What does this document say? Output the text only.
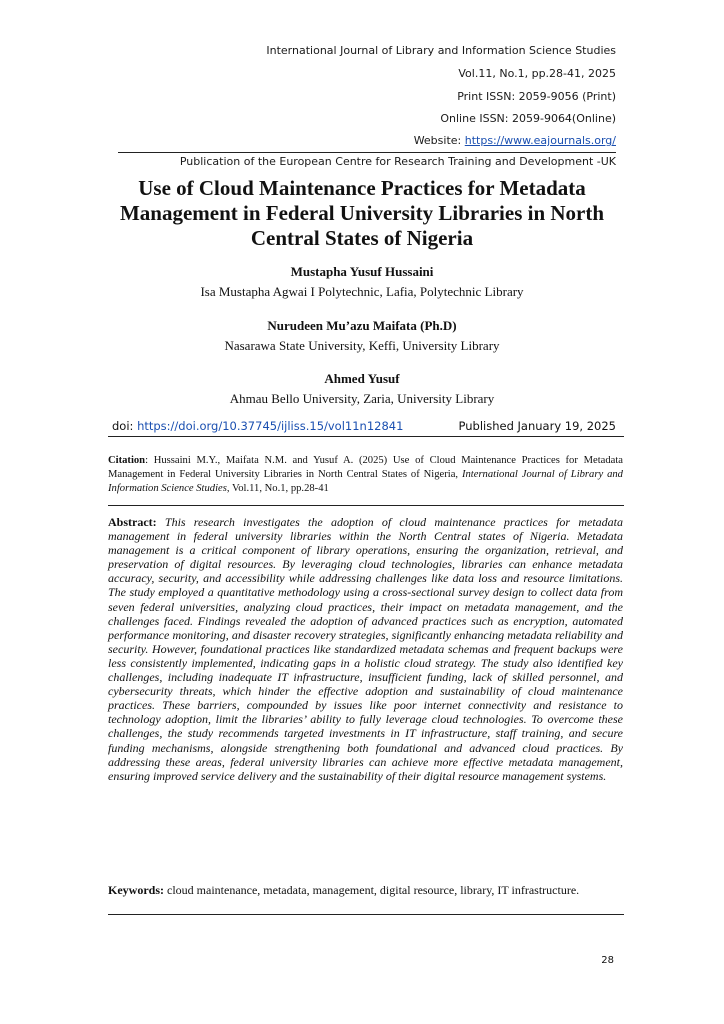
International Journal of Library and Information Science Studies
Vol.11, No.1, pp.28-41, 2025
Print ISSN: 2059-9056 (Print)
Online ISSN: 2059-9064(Online)
Website: https://www.eajournals.org/
Publication of the European Centre for Research Training and Development -UK
Use of Cloud Maintenance Practices for Metadata
Management in Federal University Libraries in North
Central States of Nigeria
Mustapha Yusuf Hussaini
Isa Mustapha Agwai I Polytechnic, Lafia, Polytechnic Library
Nurudeen Mu’azu Maifata (Ph.D)
Nasarawa State University, Keffi, University Library
Ahmed Yusuf
Ahmau Bello University, Zaria, University Library
doi: https://doi.org/10.37745/ijliss.15/vol11n12841	Published January 19, 2025
Citation: Hussaini M.Y., Maifata N.M. and Yusuf A. (2025) Use of Cloud Maintenance Practices for Metadata Management in Federal University Libraries in North Central States of Nigeria, International Journal of Library and Information Science Studies, Vol.11, No.1, pp.28-41
Abstract: This research investigates the adoption of cloud maintenance practices for metadata management in federal university libraries within the North Central states of Nigeria. Metadata management is a critical component of library operations, ensuring the organization, retrieval, and preservation of digital resources. By leveraging cloud technologies, libraries can enhance metadata accuracy, security, and accessibility while addressing challenges like data loss and resource limitations. The study employed a quantitative methodology using a cross-sectional survey design to collect data from seven federal universities, analyzing cloud practices, their impact on metadata management, and the challenges faced. Findings revealed the adoption of advanced practices such as encryption, automated performance monitoring, and disaster recovery strategies, significantly enhancing metadata reliability and security. However, foundational practices like standardized metadata schemas and frequent backups were less consistently implemented, indicating gaps in a holistic cloud strategy. The study also identified key challenges, including inadequate IT infrastructure, insufficient funding, lack of skilled personnel, and cybersecurity threats, which hinder the effective adoption and sustainability of cloud maintenance practices. These barriers, compounded by issues like poor internet connectivity and resistance to technology adoption, limit the libraries’ ability to fully leverage cloud technologies. To overcome these challenges, the study recommends targeted investments in IT infrastructure, staff training, and secure funding mechanisms, alongside strengthening both foundational and advanced cloud practices. By addressing these areas, federal university libraries can achieve more effective metadata management, ensuring improved service delivery and the sustainability of their digital resource management systems.
Keywords: cloud maintenance, metadata, management, digital resource, library, IT infrastructure.
28
